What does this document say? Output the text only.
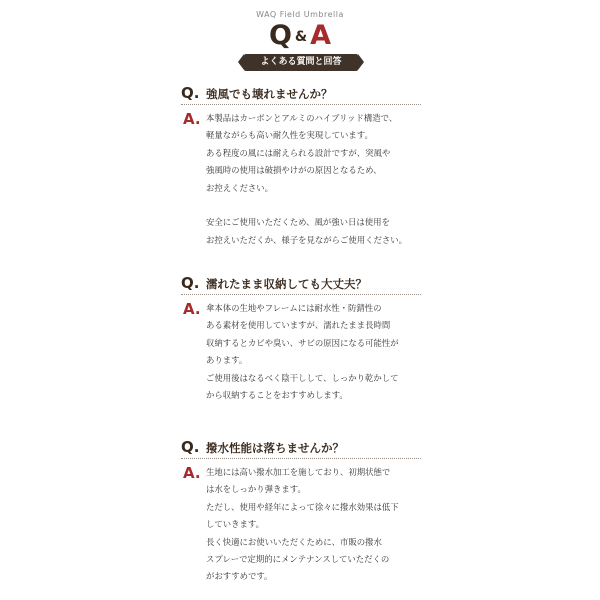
WAQ Field Umbrella
Q & A
よくある質問と回答
Q. 強風でも壊れませんか？
A. 本製品はカーボンとアルミのハイブリッド構造で、
軽量ながらも高い耐久性を実現しています。
ある程度の風には耐えられる設計ですが、突風や
強風時の使用は破損やけがの原因となるため、
お控えください。
安全にご使用いただくため、風が強い日は使用を
お控えいただくか、様子を見ながらご使用ください。
Q. 濡れたまま収納しても大丈夫？
A. 傘本体の生地やフレームには耐水性・防錆性の
ある素材を使用していますが、濡れたまま長時間
収納するとカビや臭い、サビの原因になる可能性が
あります。
ご使用後はなるべく陰干しして、しっかり乾かして
から収納することをおすすめします。
Q. 撥水性能は落ちませんか？
A. 生地には高い撥水加工を施しており、初期状態で
は水をしっかり弾きます。
ただし、使用や経年によって徐々に撥水効果は低下
していきます。
長く快適にお使いいただくために、市販の撥水
スプレーで定期的にメンテナンスしていただくの
がおすすめです。
